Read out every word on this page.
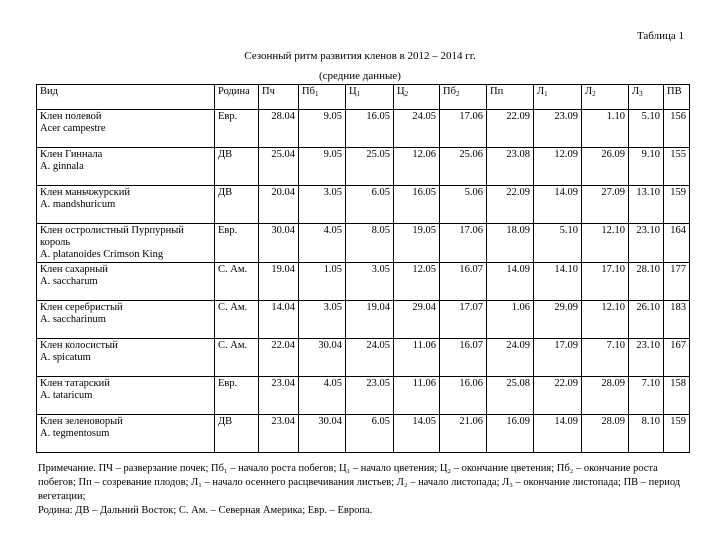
Таблица 1
Сезонный ритм развития кленов в 2012 – 2014 гг.
(средние данные)
Вид	Родина	Пч	$Пб_1$	$Ц_1$	$Ц_2$	$Пб_2$	Пп	$Л_1$	$Л_2$	$Л_3$	ПВ

Клен полевой
Acer campestre	Евр.	28.04	9.05	16.05	24.05	17.06	22.09	23.09	1.10	5.10	156

Клен Гиннала
A. ginnala	ДВ	25.04	9.05	25.05	12.06	25.06	23.08	12.09	26.09	9.10	155

Клен маньчжурский
A. mandshuricum	ДВ	20.04	3.05	6.05	16.05	5.06	22.09	14.09	27.09	13.10	159

Клен остролистный Пурпурный король
A. platanoides Crimson King	Евр.	30.04	4.05	8.05	19.05	17.06	18.09	5.10	12.10	23.10	164

Клен сахарный
A. saccharum	С. Ам.	19.04	1.05	3.05	12.05	16.07	14.09	14.10	17.10	28.10	177

Клен серебристый
A. saccharinum	С. Ам.	14.04	3.05	19.04	29.04	17.07	1.06	29.09	12.10	26.10	183

Клен колосистый
A. spicatum	С. Ам.	22.04	30.04	24.05	11.06	16.07	24.09	17.09	7.10	23.10	167

Клен татарский
A. tataricum	Евр.	23.04	4.05	23.05	11.06	16.06	25.08	22.09	28.09	7.10	158

Клен зеленоворый
A. tegmentosum	ДВ	23.04	30.04	6.05	14.05	21.06	16.09	14.09	28.09	8.10	159

Примечание. ПЧ – разверзание почек; Пб₁ – начало роста побегов; Ц₁ – начало цветения; Ц₂ – окончание цветения; Пб₂ – окончание роста побегов; Пп – созревание плодов; Л₁ – начало осеннего расцвечивания листьев; Л₂ – начало листопада; Л₃ – окончание листопада; ПВ – период вегетации;

Родина: ДВ – Дальний Восток; С. Ам. – Северная Америка; Евр. – Европа.
